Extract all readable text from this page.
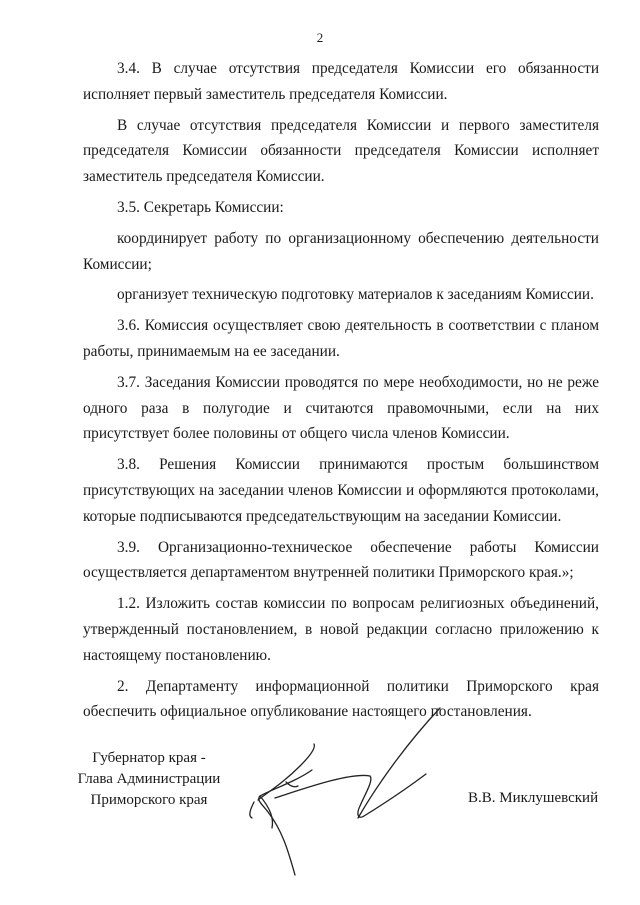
2

3.4. В случае отсутствия председателя Комиссии его обязанности исполняет первый заместитель председателя Комиссии.

В случае отсутствия председателя Комиссии и первого заместителя председателя Комиссии обязанности председателя Комиссии исполняет заместитель председателя Комиссии.

3.5. Секретарь Комиссии:

координирует работу по организационному обеспечению деятельности Комиссии;

организует техническую подготовку материалов к заседаниям Комиссии.

3.6. Комиссия осуществляет свою деятельность в соответствии с планом работы, принимаемым на ее заседании.

3.7. Заседания Комиссии проводятся по мере необходимости, но не реже одного раза в полугодие и считаются правомочными, если на них присутствует более половины от общего числа членов Комиссии.

3.8. Решения Комиссии принимаются простым большинством присутствующих на заседании членов Комиссии и оформляются протоколами, которые подписываются председательствующим на заседании Комиссии.

3.9. Организационно-техническое обеспечение работы Комиссии осуществляется департаментом внутренней политики Приморского края.»;

1.2. Изложить состав комиссии по вопросам религиозных объединений, утвержденный постановлением, в новой редакции согласно приложению к настоящему постановлению.

2. Департаменту информационной политики Приморского края обеспечить официальное опубликование настоящего постановления.

Губернатор края -
Глава Администрации
Приморского края	В.В. Миклушевский
